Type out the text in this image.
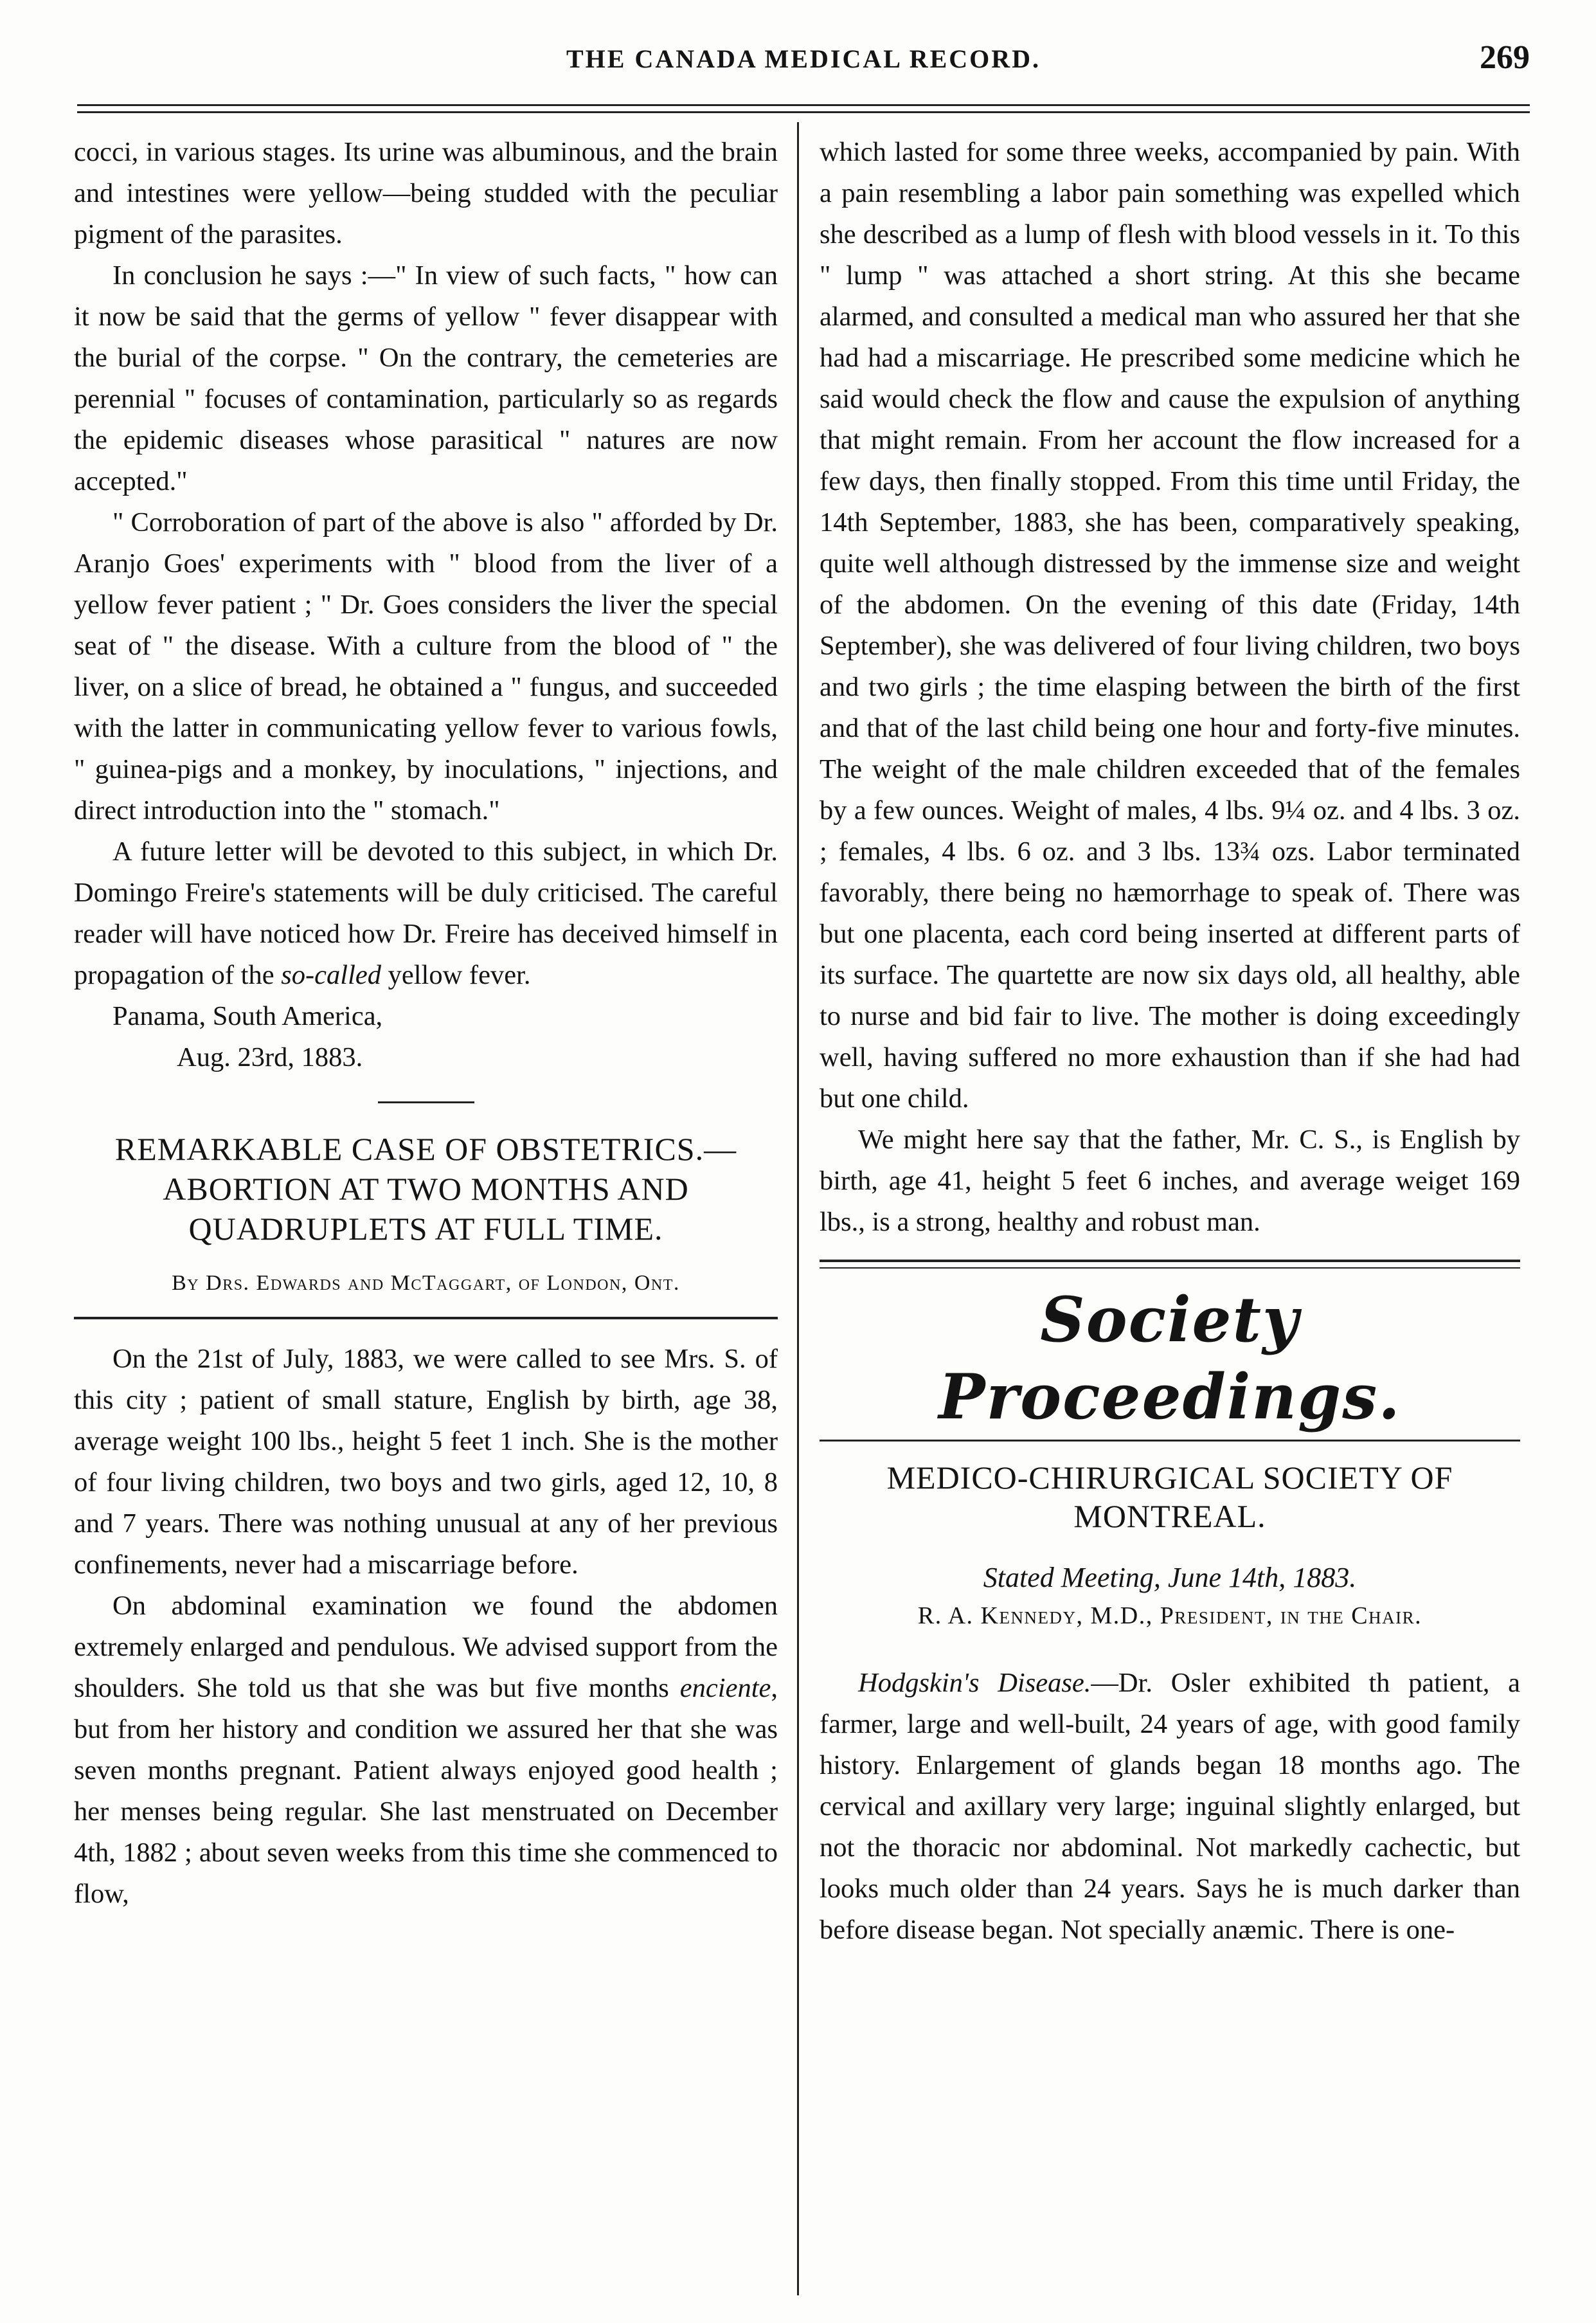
THE CANADA MEDICAL RECORD.	269

cocci, in various stages. Its urine was albuminous, and the brain and intestines were yellow—being studded with the peculiar pigment of the parasites.

In conclusion he says :—" In view of such facts, " how can it now be said that the germs of yellow " fever disappear with the burial of the corpse. " On the contrary, the cemeteries are perennial " focuses of contamination, particularly so as regards the epidemic diseases whose parasitical " natures are now accepted."

" Corroboration of part of the above is also " afforded by Dr. Aranjo Goes' experiments with " blood from the liver of a yellow fever patient ; " Dr. Goes considers the liver the special seat of " the disease. With a culture from the blood of " the liver, on a slice of bread, he obtained a " fungus, and succeeded with the latter in communicating yellow fever to various fowls, " guinea-pigs and a monkey, by inoculations, " injections, and direct introduction into the " stomach."

A future letter will be devoted to this subject, in which Dr. Domingo Freire's statements will be duly criticised. The careful reader will have noticed how Dr. Freire has deceived himself in propagation of the so-called yellow fever.

Panama, South America,

Aug. 23rd, 1883.

REMARKABLE CASE OF OBSTETRICS.—ABORTION AT TWO MONTHS AND QUADRUPLETS AT FULL TIME.

By Drs. Edwards and McTaggart, of London, Ont.

On the 21st of July, 1883, we were called to see Mrs. S. of this city ; patient of small stature, English by birth, age 38, average weight 100 lbs., height 5 feet 1 inch. She is the mother of four living children, two boys and two girls, aged 12, 10, 8 and 7 years. There was nothing unusual at any of her previous confinements, never had a miscarriage before.

On abdominal examination we found the abdomen extremely enlarged and pendulous. We advised support from the shoulders. She told us that she was but five months enciente, but from her history and condition we assured her that she was seven months pregnant. Patient always enjoyed good health ; her menses being regular. She last menstruated on December 4th, 1882 ; about seven weeks from this time she commenced to flow,

which lasted for some three weeks, accompanied by pain. With a pain resembling a labor pain something was expelled which she described as a lump of flesh with blood vessels in it. To this " lump " was attached a short string. At this she became alarmed, and consulted a medical man who assured her that she had had a miscarriage. He prescribed some medicine which he said would check the flow and cause the expulsion of anything that might remain. From her account the flow increased for a few days, then finally stopped. From this time until Friday, the 14th September, 1883, she has been, comparatively speaking, quite well although distressed by the immense size and weight of the abdomen. On the evening of this date (Friday, 14th September), she was delivered of four living children, two boys and two girls ; the time elasping between the birth of the first and that of the last child being one hour and forty-five minutes. The weight of the male children exceeded that of the females by a few ounces. Weight of males, 4 lbs. 9¼ oz. and 4 lbs. 3 oz. ; females, 4 lbs. 6 oz. and 3 lbs. 13¾ ozs. Labor terminated favorably, there being no hæmorrhage to speak of. There was but one placenta, each cord being inserted at different parts of its surface. The quartette are now six days old, all healthy, able to nurse and bid fair to live. The mother is doing exceedingly well, having suffered no more exhaustion than if she had had but one child.

We might here say that the father, Mr. C. S., is English by birth, age 41, height 5 feet 6 inches, and average weiget 169 lbs., is a strong, healthy and robust man.

Society Proceedings.

MEDICO-CHIRURGICAL SOCIETY OF MONTREAL.

Stated Meeting, June 14th, 1883.

R. A. Kennedy, M.D., President, in the Chair.

Hodgskin's Disease.—Dr. Osler exhibited th patient, a farmer, large and well-built, 24 years of age, with good family history. Enlargement of glands began 18 months ago. The cervical and axillary very large; inguinal slightly enlarged, but not the thoracic nor abdominal. Not markedly cachectic, but looks much older than 24 years. Says he is much darker than before disease began. Not specially anæmic. There is one-
